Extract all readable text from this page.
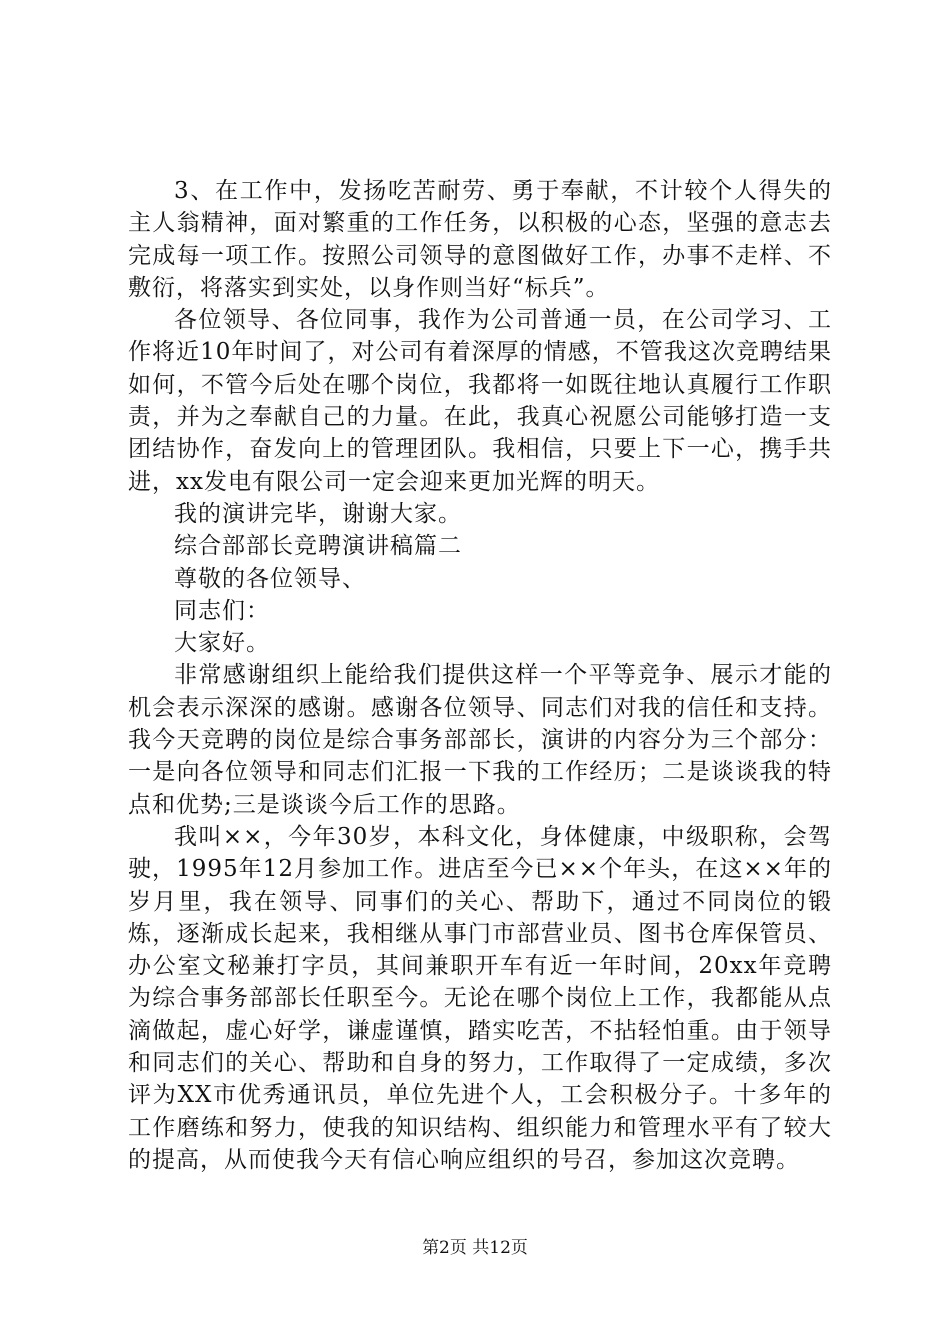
3、在工作中，发扬吃苦耐劳、勇于奉献，不计较个人得失的主人翁精神，面对繁重的工作任务，以积极的心态，坚强的意志去完成每一项工作。按照公司领导的意图做好工作，办事不走样、不敷衍，将落实到实处，以身作则当好“标兵”。

各位领导、各位同事，我作为公司普通一员，在公司学习、工作将近10年时间了，对公司有着深厚的情感，不管我这次竞聘结果如何，不管今后处在哪个岗位，我都将一如既往地认真履行工作职责，并为之奉献自己的力量。在此，我真心祝愿公司能够打造一支团结协作，奋发向上的管理团队。我相信，只要上下一心，携手共进，xx发电有限公司一定会迎来更加光辉的明天。

我的演讲完毕，谢谢大家。

综合部部长竞聘演讲稿篇二

尊敬的各位领导、

同志们：

大家好。

非常感谢组织上能给我们提供这样一个平等竞争、展示才能的机会表示深深的感谢。感谢各位领导、同志们对我的信任和支持。我今天竞聘的岗位是综合事务部部长，演讲的内容分为三个部分：一是向各位领导和同志们汇报一下我的工作经历；二是谈谈我的特点和优势;三是谈谈今后工作的思路。

我叫××，今年30岁，本科文化，身体健康，中级职称，会驾驶，1995年12月参加工作。进店至今已××个年头，在这××年的岁月里，我在领导、同事们的关心、帮助下，通过不同岗位的锻炼，逐渐成长起来，我相继从事门市部营业员、图书仓库保管员、办公室文秘兼打字员，其间兼职开车有近一年时间，20xx年竞聘为综合事务部部长任职至今。无论在哪个岗位上工作，我都能从点滴做起，虚心好学，谦虚谨慎，踏实吃苦，不拈轻怕重。由于领导和同志们的关心、帮助和自身的努力，工作取得了一定成绩，多次评为XX市优秀通讯员，单位先进个人，工会积极分子。十多年的工作磨练和努力，使我的知识结构、组织能力和管理水平有了较大的提高，从而使我今天有信心响应组织的号召，参加这次竞聘。

第2页 共12页
